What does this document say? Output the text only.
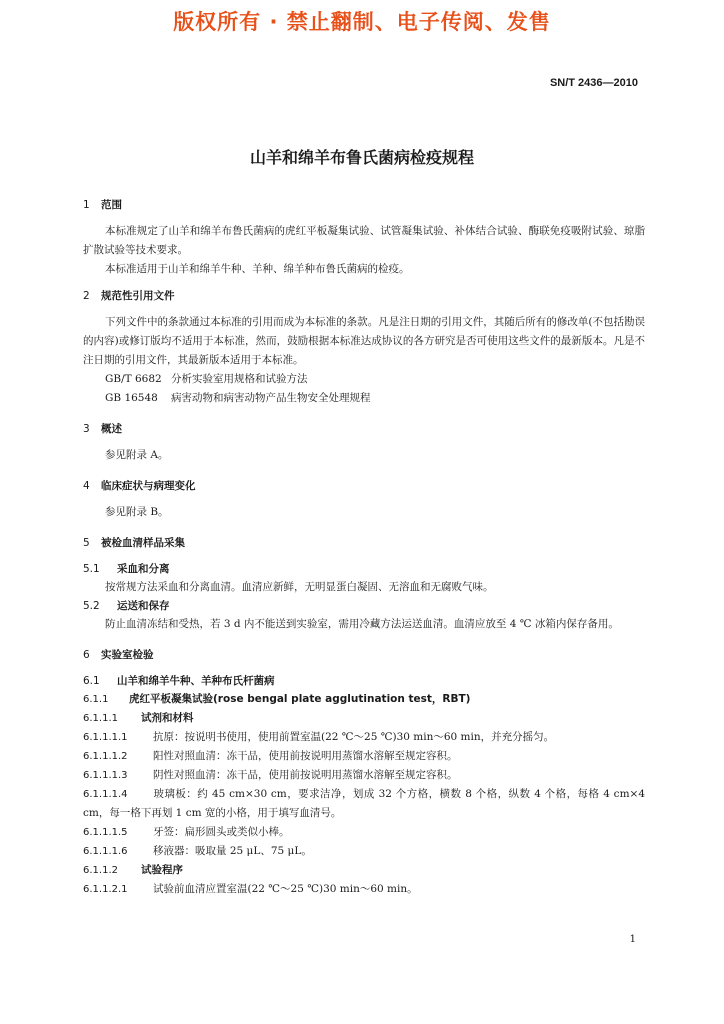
版权所有 · 禁止翻制、电子传阅、发售
SN/T 2436—2010
山羊和绵羊布鲁氏菌病检疫规程

1 范围

本标准规定了山羊和绵羊布鲁氏菌病的虎红平板凝集试验、试管凝集试验、补体结合试验、酶联免疫吸附试验、琼脂扩散试验等技术要求。

本标准适用于山羊和绵羊牛种、羊种、绵羊种布鲁氏菌病的检疫。

2 规范性引用文件

下列文件中的条款通过本标准的引用而成为本标准的条款。凡是注日期的引用文件，其随后所有的修改单(不包括勘误的内容)或修订版均不适用于本标准，然而，鼓励根据本标准达成协议的各方研究是否可使用这些文件的最新版本。凡是不注日期的引用文件，其最新版本适用于本标准。

GB/T 6682 分析实验室用规格和试验方法

GB 16548 病害动物和病害动物产品生物安全处理规程

3 概述

参见附录 A。

4 临床症状与病理变化

参见附录 B。

5 被检血清样品采集

5.1 采血和分离

按常规方法采血和分离血清。血清应新鲜，无明显蛋白凝固、无溶血和无腐败气味。

5.2 运送和保存

防止血清冻结和受热，若 3 d 内不能送到实验室，需用冷藏方法运送血清。血清应放至 4 ℃ 冰箱内保存备用。

6 实验室检验

6.1 山羊和绵羊牛种、羊种布氏杆菌病

6.1.1 虎红平板凝集试验(rose bengal plate agglutination test，RBT)

6.1.1.1 试剂和材料

6.1.1.1.1 抗原：按说明书使用，使用前置室温(22 ℃～25 ℃)30 min～60 min，并充分摇匀。

6.1.1.1.2 阳性对照血清：冻干品，使用前按说明用蒸馏水溶解至规定容积。

6.1.1.1.3 阴性对照血清：冻干品，使用前按说明用蒸馏水溶解至规定容积。

6.1.1.1.4 玻璃板：约 45 cm×30 cm，要求洁净，划成 32 个方格，横数 8 个格，纵数 4 个格，每格 4 cm×4 cm，每一格下再划 1 cm 宽的小格，用于填写血清号。

6.1.1.1.5 牙签：扁形圆头或类似小棒。

6.1.1.1.6 移液器：吸取量 25 μL、75 μL。

6.1.1.2 试验程序

6.1.1.2.1 试验前血清应置室温(22 ℃～25 ℃)30 min～60 min。

1
